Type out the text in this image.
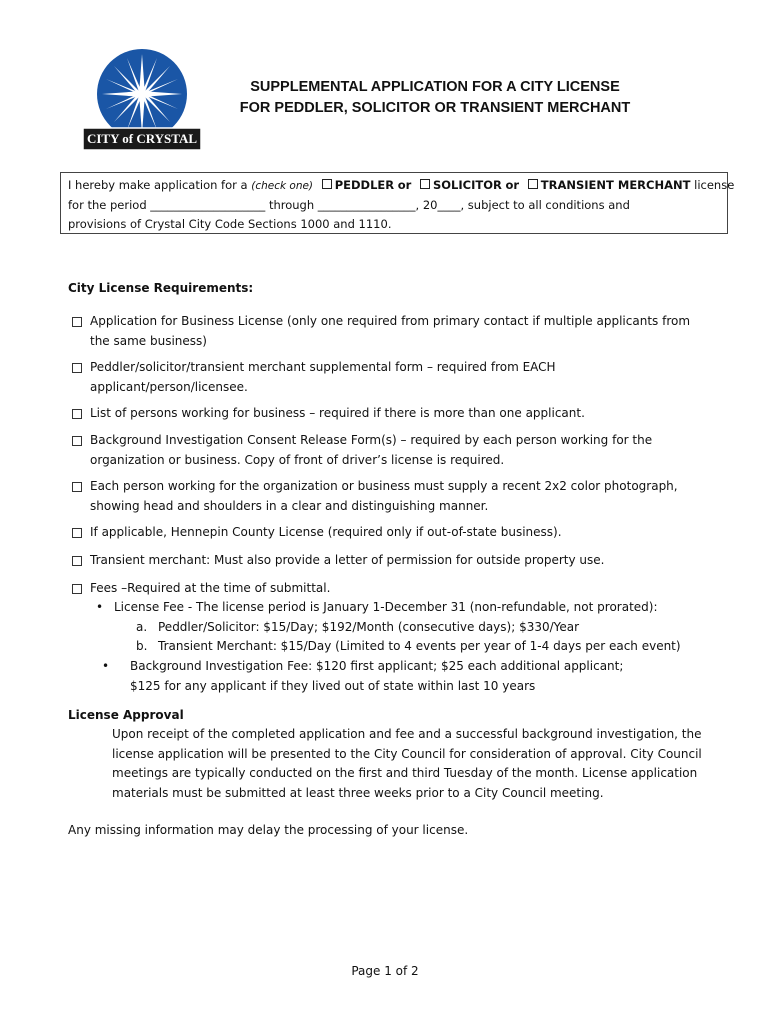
CITY of CRYSTAL
SUPPLEMENTAL APPLICATION FOR A CITY LICENSE
FOR PEDDLER, SOLICITOR OR TRANSIENT MERCHANT
I hereby make application for a (check one) PEDDLER or SOLICITOR or TRANSIENT MERCHANT license
for the period ____________________ through _________________, 20____, subject to all conditions and
provisions of Crystal City Code Sections 1000 and 1110.
City License Requirements:
Application for Business License (only one required from primary contact if multiple applicants from
the same business)
Peddler/solicitor/transient merchant supplemental form – required from EACH
applicant/person/licensee.
List of persons working for business – required if there is more than one applicant.
Background Investigation Consent Release Form(s) – required by each person working for the
organization or business. Copy of front of driver’s license is required.
Each person working for the organization or business must supply a recent 2x2 color photograph,
showing head and shoulders in a clear and distinguishing manner.
If applicable, Hennepin County License (required only if out-of-state business).
Transient merchant: Must also provide a letter of permission for outside property use.
Fees –Required at the time of submittal.
• License Fee - The license period is January 1-December 31 (non-refundable, not prorated):
a. Peddler/Solicitor: $15/Day; $192/Month (consecutive days); $330/Year
b. Transient Merchant: $15/Day (Limited to 4 events per year of 1-4 days per each event)
• Background Investigation Fee: $120 first applicant; $25 each additional applicant;
$125 for any applicant if they lived out of state within last 10 years
License Approval
Upon receipt of the completed application and fee and a successful background investigation, the
license application will be presented to the City Council for consideration of approval. City Council
meetings are typically conducted on the first and third Tuesday of the month. License application
materials must be submitted at least three weeks prior to a City Council meeting.
Any missing information may delay the processing of your license.
Page 1 of 2
